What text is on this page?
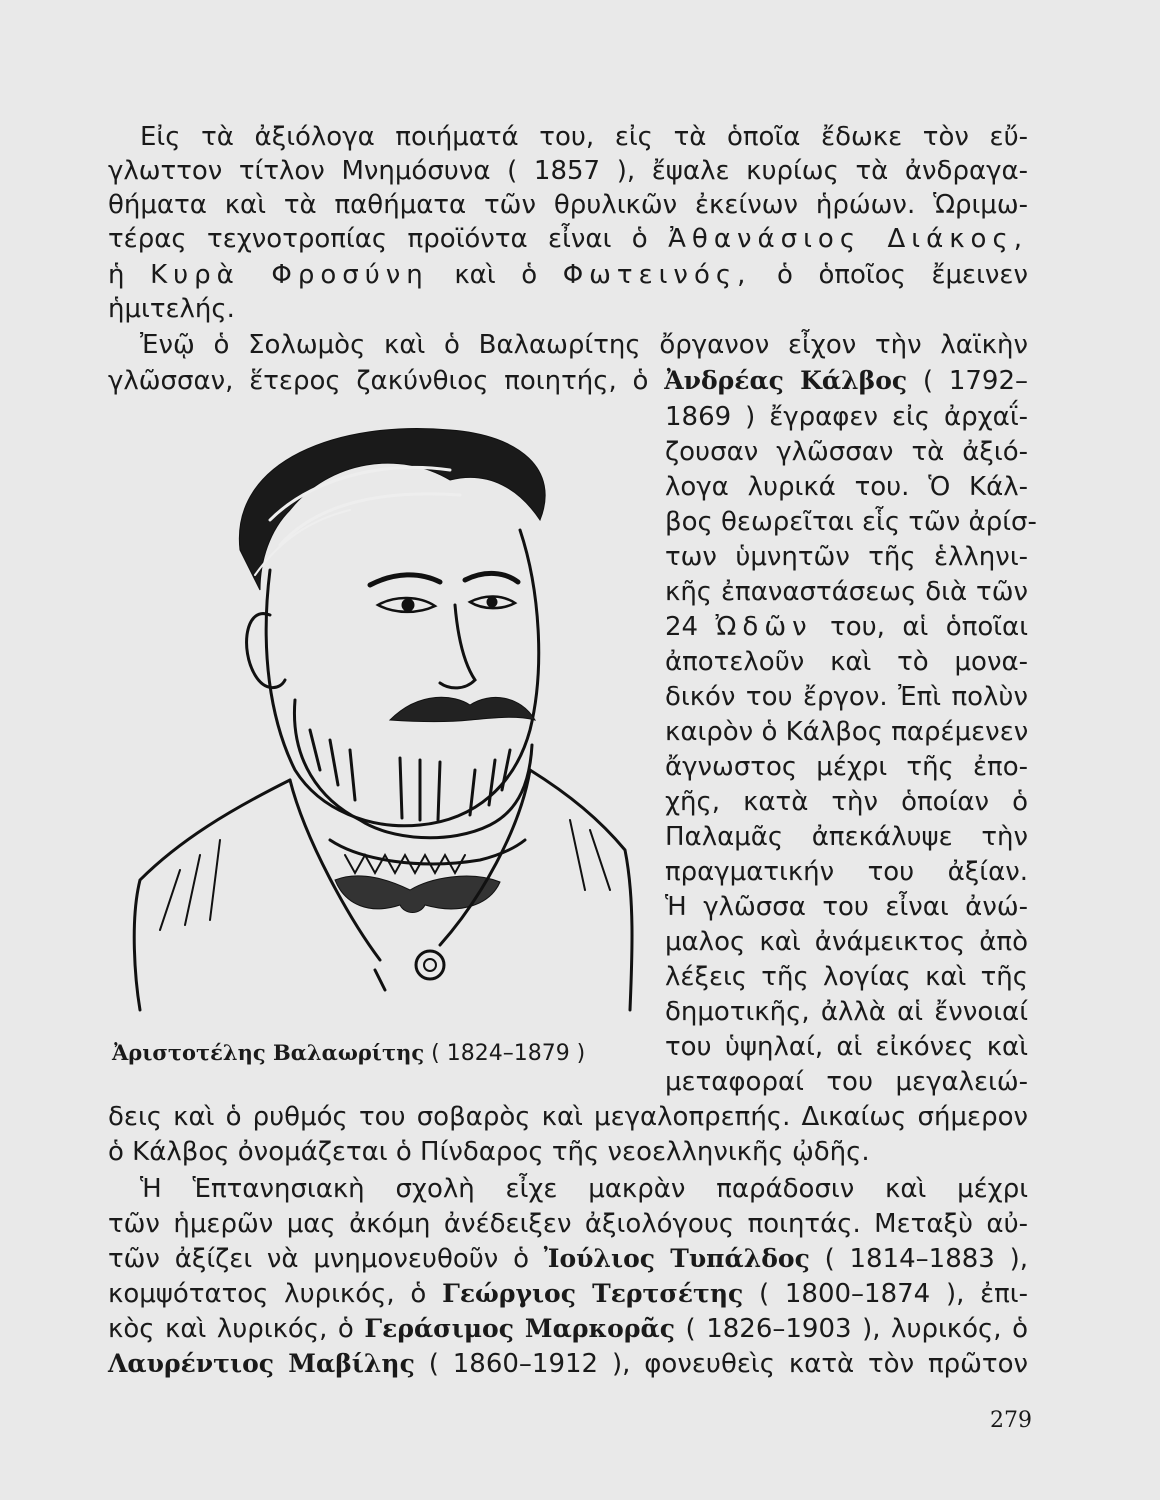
Εἰς τὰ ἀξιόλογα ποιήματά του, εἰς τὰ ὁποῖα ἔδωκε τὸν εὔ-
γλωττον τίτλον Μνημόσυνα ( 1857 ), ἔψαλε κυρίως τὰ ἀνδραγα-
θήματα καὶ τὰ παθήματα τῶν θρυλικῶν ἐκείνων ἡρώων. Ὡριμω-
τέρας τεχνοτροπίας προϊόντα εἶναι ὁ Ἀθανάσιος Διάκος,
ἡ Κυρὰ Φροσύνη καὶ ὁ Φωτεινός, ὁ ὁποῖος ἔμεινεν
ἡμιτελής.
Ἐνῷ ὁ Σολωμὸς καὶ ὁ Βαλαωρίτης ὄργανον εἶχον τὴν λαϊκὴν
γλῶσσαν, ἕτερος ζακύνθιος ποιητής, ὁ Ἀνδρέας Κάλβος ( 1792–
1869 ) ἔγραφεν εἰς ἀρχαΐ-
ζουσαν γλῶσσαν τὰ ἀξιό-
λογα λυρικά του. Ὁ Κάλ-
βος θεωρεῖται εἷς τῶν ἀρίσ-
των ὑμνητῶν τῆς ἑλληνι-
κῆς ἐπαναστάσεως διὰ τῶν
24 Ὠδῶν του, αἱ ὁποῖαι
ἀποτελοῦν καὶ τὸ μονα-
δικόν του ἔργον. Ἐπὶ πολὺν
καιρὸν ὁ Κάλβος παρέμενεν
ἄγνωστος μέχρι τῆς ἐπο-
χῆς, κατὰ τὴν ὁποίαν ὁ
Παλαμᾶς ἀπεκάλυψε τὴν
πραγματικήν του ἀξίαν.
Ἡ γλῶσσα του εἶναι ἀνώ-
μαλος καὶ ἀνάμεικτος ἀπὸ
λέξεις τῆς λογίας καὶ τῆς
δημοτικῆς, ἀλλὰ αἱ ἔννοιαί
του ὑψηλαί, αἱ εἰκόνες καὶ
μεταφοραί του μεγαλειώ-
δεις καὶ ὁ ρυθμός του σοβαρὸς καὶ μεγαλοπρεπής. Δικαίως σήμερον
ὁ Κάλβος ὀνομάζεται ὁ Πίνδαρος τῆς νεοελληνικῆς ᾠδῆς.
Ἡ Ἑπτανησιακὴ σχολὴ εἶχε μακρὰν παράδοσιν καὶ μέχρι
τῶν ἡμερῶν μας ἀκόμη ἀνέδειξεν ἀξιολόγους ποιητάς. Μεταξὺ αὐ-
τῶν ἀξίζει νὰ μνημονευθοῦν ὁ Ἰούλιος Τυπάλδος ( 1814–1883 ),
κομψότατος λυρικός, ὁ Γεώργιος Τερτσέτης ( 1800–1874 ), ἐπι-
κὸς καὶ λυρικός, ὁ Γεράσιμος Μαρκορᾶς ( 1826–1903 ), λυρικός, ὁ
Λαυρέντιος Μαβίλης ( 1860–1912 ), φονευθεὶς κατὰ τὸν πρῶτον
Ἀριστοτέλης Βαλαωρίτης ( 1824–1879 )
279
